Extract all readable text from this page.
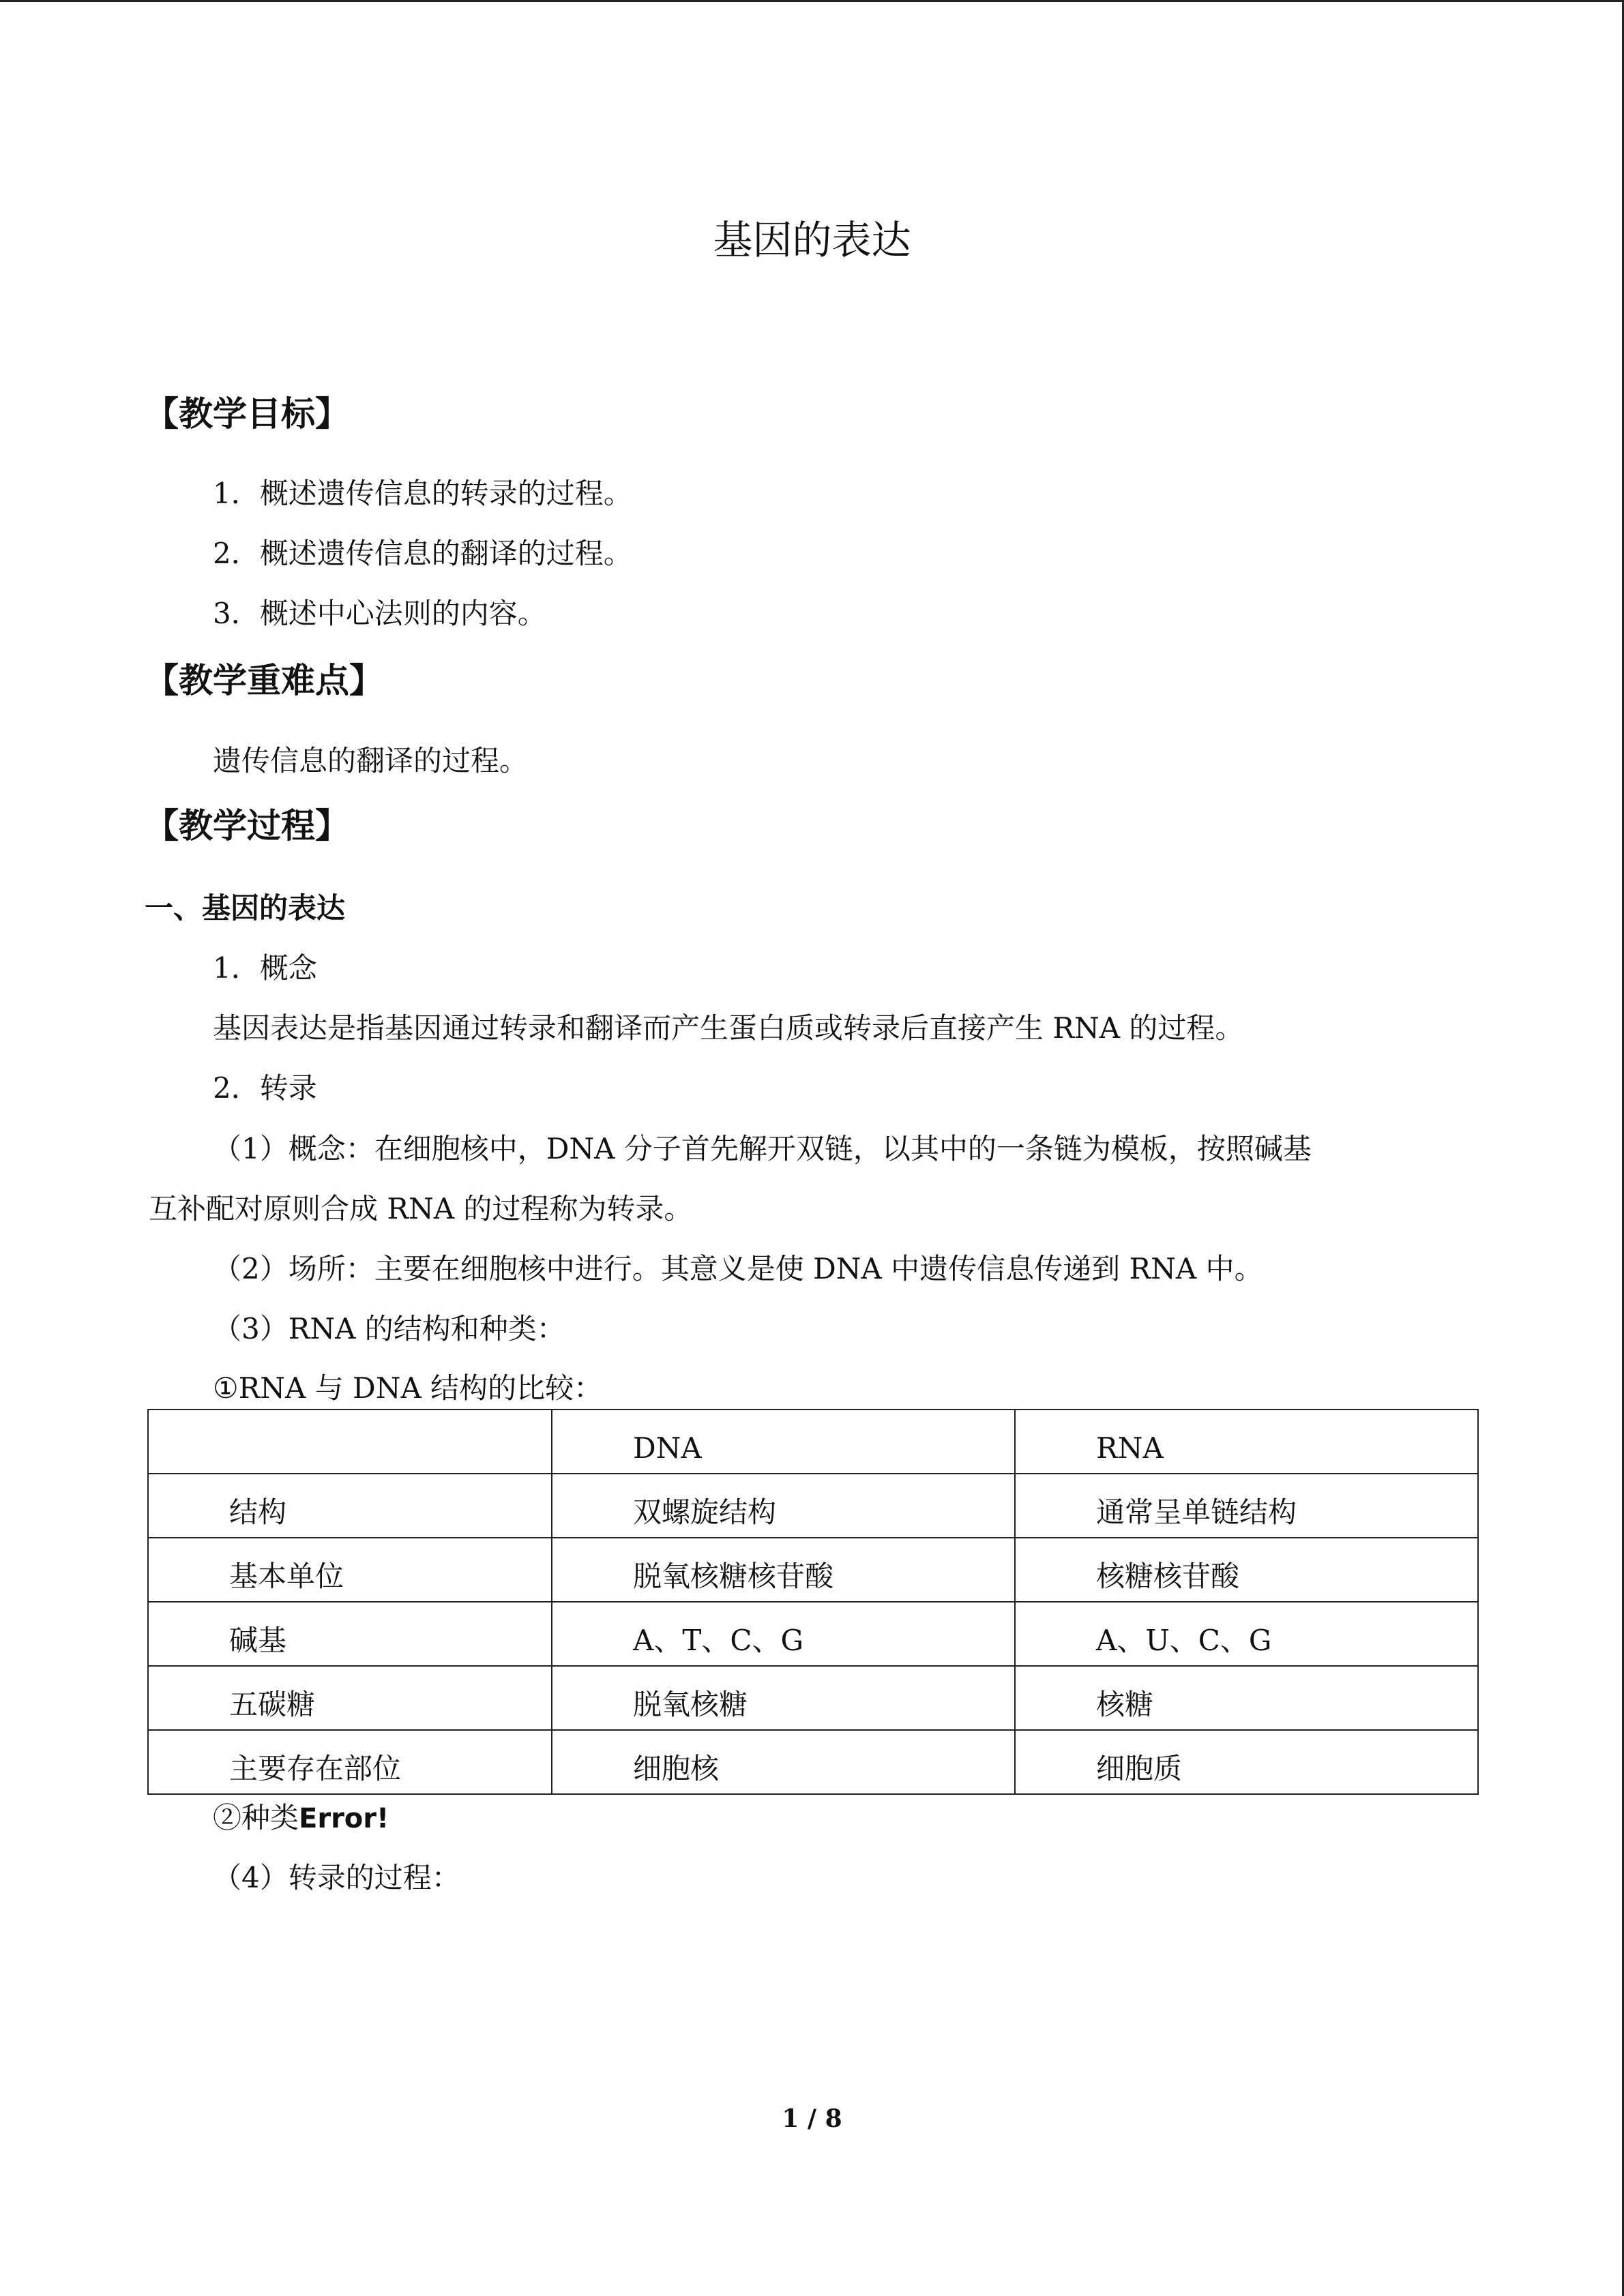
基因的表达
【教学目标】
1．概述遗传信息的转录的过程。
2．概述遗传信息的翻译的过程。
3．概述中心法则的内容。
【教学重难点】
遗传信息的翻译的过程。
【教学过程】
一、基因的表达
1．概念
基因表达是指基因通过转录和翻译而产生蛋白质或转录后直接产生 RNA 的过程。
2．转录
（1）概念：在细胞核中，DNA 分子首先解开双链，以其中的一条链为模板，按照碱基
互补配对原则合成 RNA 的过程称为转录。
（2）场所：主要在细胞核中进行。其意义是使 DNA 中遗传信息传递到 RNA 中。
（3）RNA 的结构和种类：
①RNA 与 DNA 结构的比较：
	DNA	RNA
结构	双螺旋结构	通常呈单链结构
基本单位	脱氧核糖核苷酸	核糖核苷酸
碱基	A、T、C、G	A、U、C、G
五碳糖	脱氧核糖	核糖
主要存在部位	细胞核	细胞质
②种类Error!
（4）转录的过程：
1 / 8
